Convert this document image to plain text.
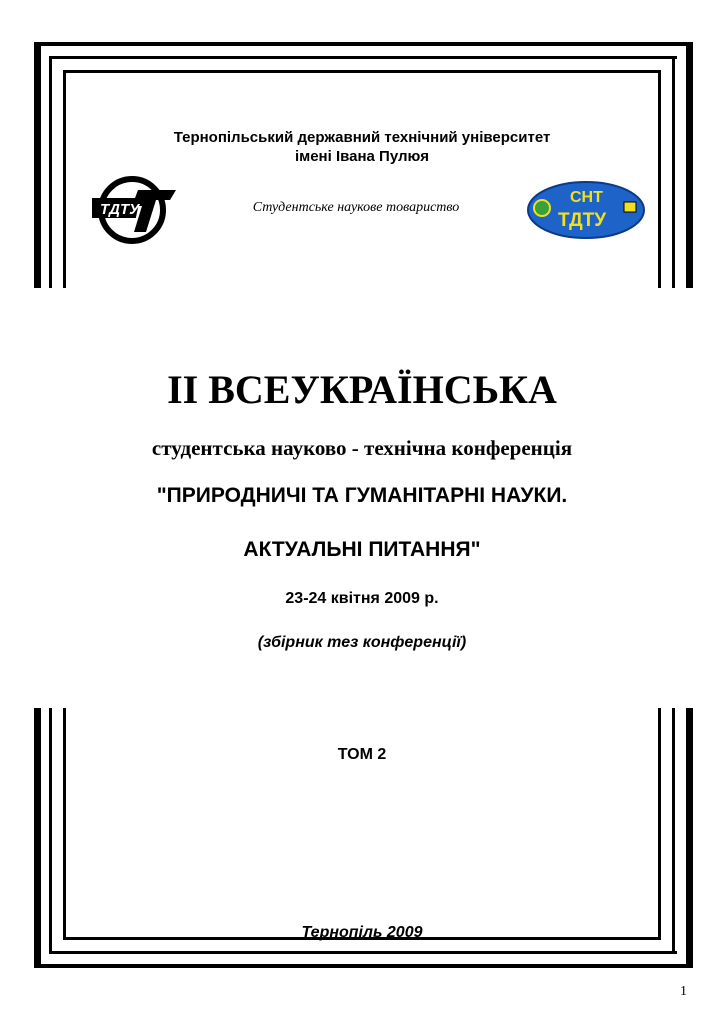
Тернопільський державний технічний університет
імені Івана Пулюя
ТДТУ	Студентське наукове товариство
СНТ
ТДТУ
ІІ ВСЕУКРАЇНСЬКА
студентська науково - технічна конференція
"ПРИРОДНИЧІ ТА ГУМАНІТАРНІ НАУКИ.
АКТУАЛЬНІ ПИТАННЯ"
23-24 квітня 2009 р.
(збірник тез конференції)
ТОМ 2
Тернопіль 2009
1
